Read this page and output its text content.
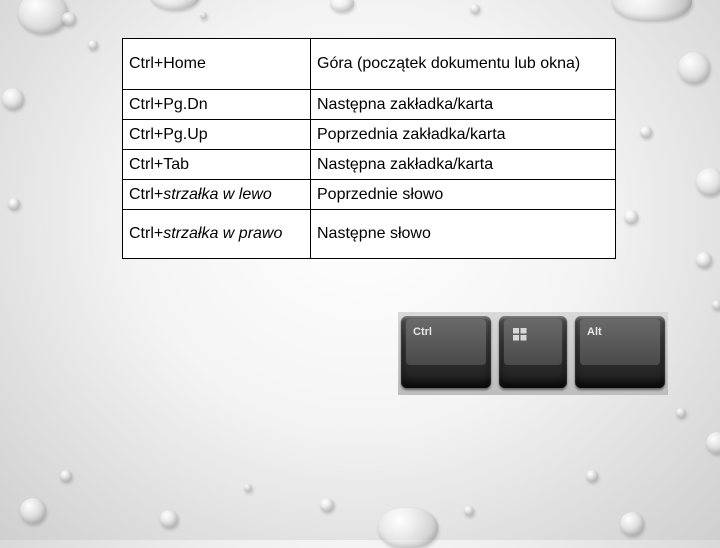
Ctrl+Home	Góra (początek dokumentu lub okna)
Ctrl+Pg.Dn	Następna zakładka/karta
Ctrl+Pg.Up	Poprzednia zakładka/karta
Ctrl+Tab	Następna zakładka/karta
Ctrl+strzałka w lewo	Poprzednie słowo
Ctrl+strzałka w prawo	Następne słowo
Ctrl	Alt
